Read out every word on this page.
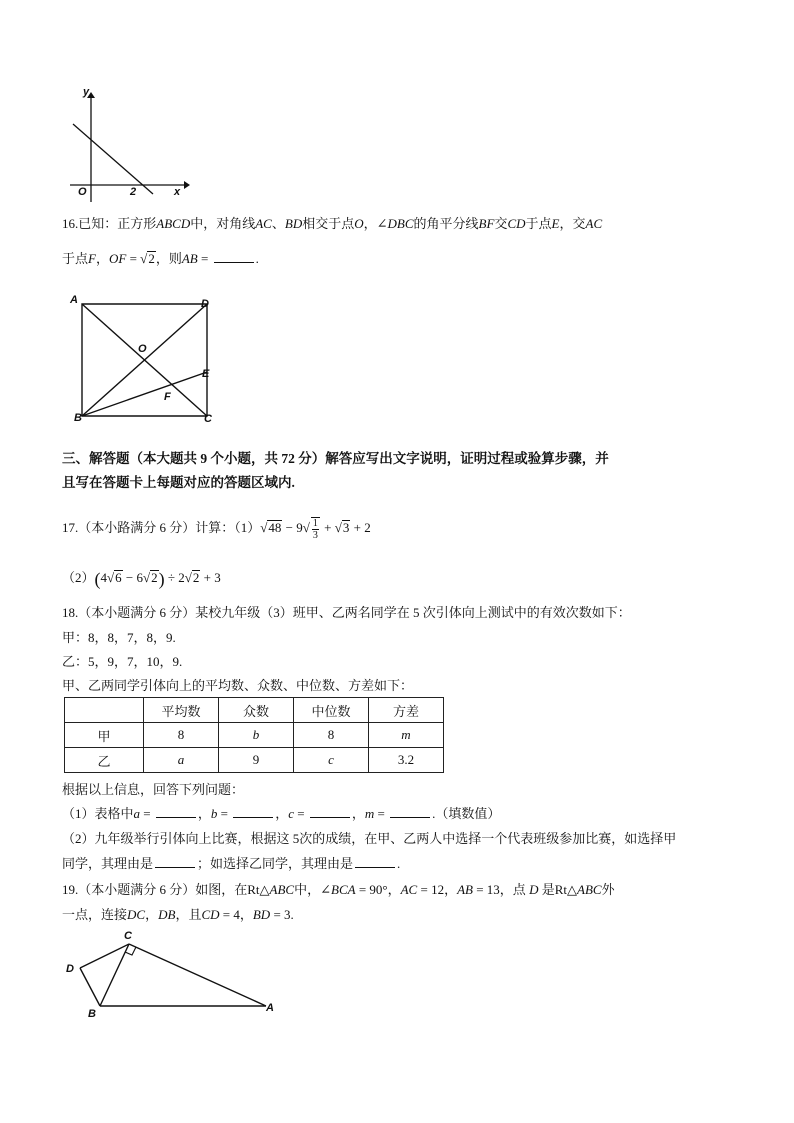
y
x
O	2
16.已知：正方形ABCD中，对角线AC、BD相交于点O，∠DBC的角平分线BF交CD于点E，交AC
于点F，OF = √2，则AB =	.
A	D
O
E
F
B	C
三、解答题（本大题共 9 个小题，共 72 分）解答应写出文字说明，证明过程或验算步骤，并
且写在答题卡上每题对应的答题区域内.
17.（本小路满分 6 分）计算：$(1)√48 - 9√ \frac{1}{3} + √3 + 2$
（2）(4√6 − 6√2) ÷ 2√2 + 3
18.（本小题满分 6 分）某校九年级（3）班甲、乙两名同学在 5 次引体向上测试中的有效次数如下：
甲：8，8，7，8，9.
乙：5，9，7，10，9.
甲、乙两同学引体向上的平均数、众数、中位数、方差如下：
	平均数	众数	中位数	方差
甲	8	b	8	m
乙	a	9	c	3.2
根据以上信息，回答下列问题：
（1）表格中a =	，b =	，c =	，m =	.（填数值）
（2）九年级举行引体向上比赛，根据这 5次的成绩，在甲、乙两人中选择一个代表班级参加比赛，如选择甲
同学，其理由是	；如选择乙同学，其理由是	.
19.（本小题满分 6 分）如图，在Rt△ABC中，∠BCA = 90°，AC = 12，AB = 13，点 D 是Rt△ABC外
一点，连接DC，DB，且CD = 4，BD = 3.
C
D
B	A
